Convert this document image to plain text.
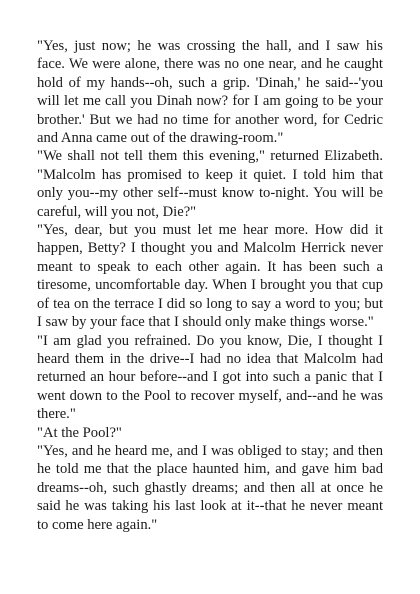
"Yes, just now; he was crossing the hall, and I saw his face. We were alone, there was no one near, and he caught hold of my hands--oh, such a grip. 'Dinah,' he said--'you will let me call you Dinah now? for I am going to be your brother.' But we had no time for another word, for Cedric and Anna came out of the drawing-room."

"We shall not tell them this evening," returned Elizabeth. "Malcolm has promised to keep it quiet. I told him that only you--my other self--must know to-night. You will be careful, will you not, Die?"

"Yes, dear, but you must let me hear more. How did it happen, Betty? I thought you and Malcolm Herrick never meant to speak to each other again. It has been such a tiresome, uncomfortable day. When I brought you that cup of tea on the terrace I did so long to say a word to you; but I saw by your face that I should only make things worse."

"I am glad you refrained. Do you know, Die, I thought I heard them in the drive--I had no idea that Malcolm had returned an hour before--and I got into such a panic that I went down to the Pool to recover myself, and--and he was there."

"At the Pool?"

"Yes, and he heard me, and I was obliged to stay; and then he told me that the place haunted him, and gave him bad dreams--oh, such ghastly dreams; and then all at once he said he was taking his last look at it--that he never meant to come here again."
